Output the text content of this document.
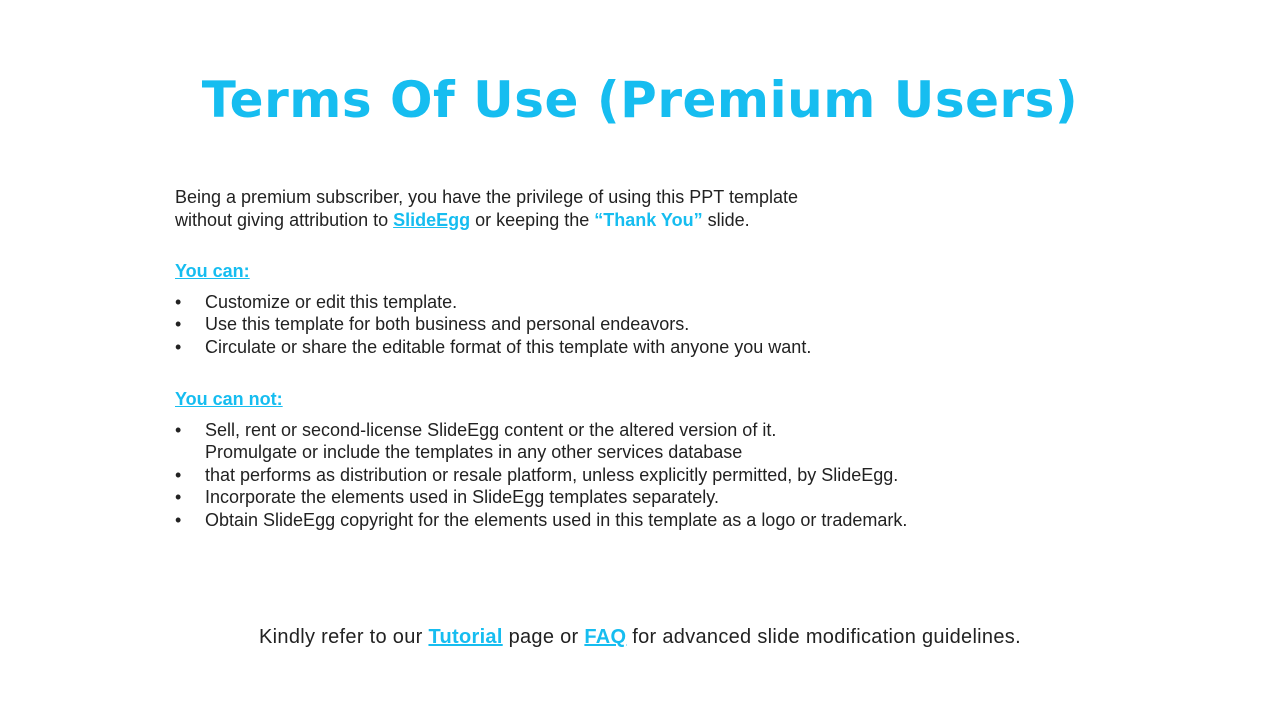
Terms Of Use (Premium Users)

Being a premium subscriber, you have the privilege of using this PPT template
without giving attribution to SlideEgg or keeping the “Thank You” slide.

You can:
• Customize or edit this template.
• Use this template for both business and personal endeavors.
• Circulate or share the editable format of this template with anyone you want.
You can not:
• Sell, rent or second-license SlideEgg content or the altered version of it.
Promulgate or include the templates in any other services database
• that performs as distribution or resale platform, unless explicitly permitted, by SlideEgg.
• Incorporate the elements used in SlideEgg templates separately.
• Obtain SlideEgg copyright for the elements used in this template as a logo or trademark.
Kindly refer to our Tutorial page or FAQ for advanced slide modification guidelines.
